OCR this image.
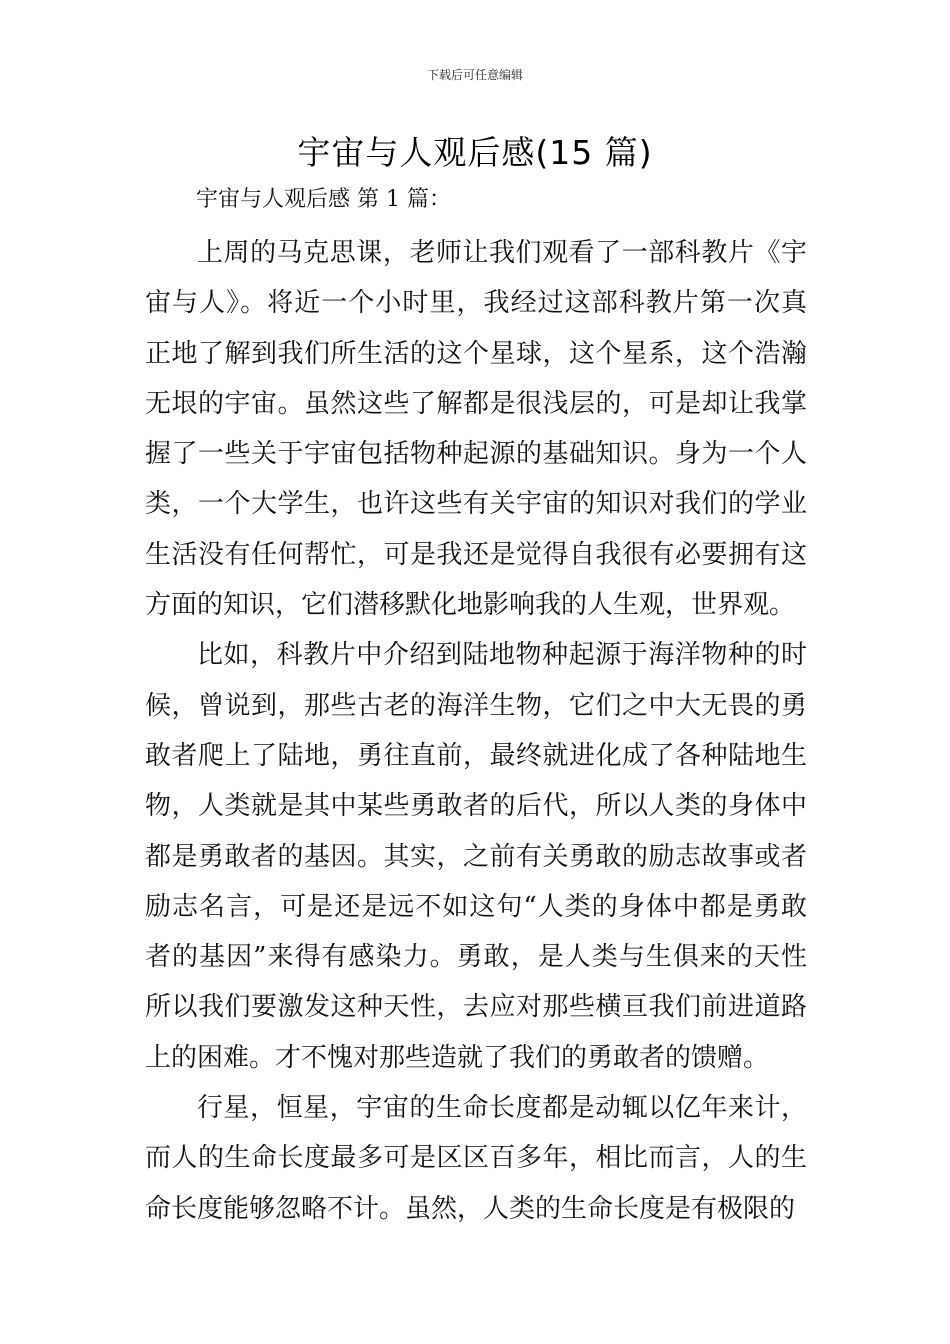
下载后可任意编辑
宇宙与人观后感(15 篇)
宇宙与人观后感 第 1 篇：

上周的马克思课，老师让我们观看了一部科教片《宇宙与人》。将近一个小时里，我经过这部科教片第一次真正地了解到我们所生活的这个星球，这个星系，这个浩瀚无垠的宇宙。虽然这些了解都是很浅层的，可是却让我掌握了一些关于宇宙包括物种起源的基础知识。身为一个人类，一个大学生，也许这些有关宇宙的知识对我们的学业生活没有任何帮忙，可是我还是觉得自我很有必要拥有这方面的知识，它们潜移默化地影响我的人生观，世界观。

比如，科教片中介绍到陆地物种起源于海洋物种的时候，曾说到，那些古老的海洋生物，它们之中大无畏的勇敢者爬上了陆地，勇往直前，最终就进化成了各种陆地生物，人类就是其中某些勇敢者的后代，所以人类的身体中都是勇敢者的基因。其实，之前有关勇敢的励志故事或者励志名言，可是还是远不如这句“人类的身体中都是勇敢者的基因”来得有感染力。勇敢，是人类与生俱来的天性所以我们要激发这种天性，去应对那些横亘我们前进道路上的困难。才不愧对那些造就了我们的勇敢者的馈赠。

行星，恒星，宇宙的生命长度都是动辄以亿年来计，而人的生命长度最多可是区区百多年，相比而言，人的生命长度能够忽略不计。虽然，人类的生命长度是有极限的
